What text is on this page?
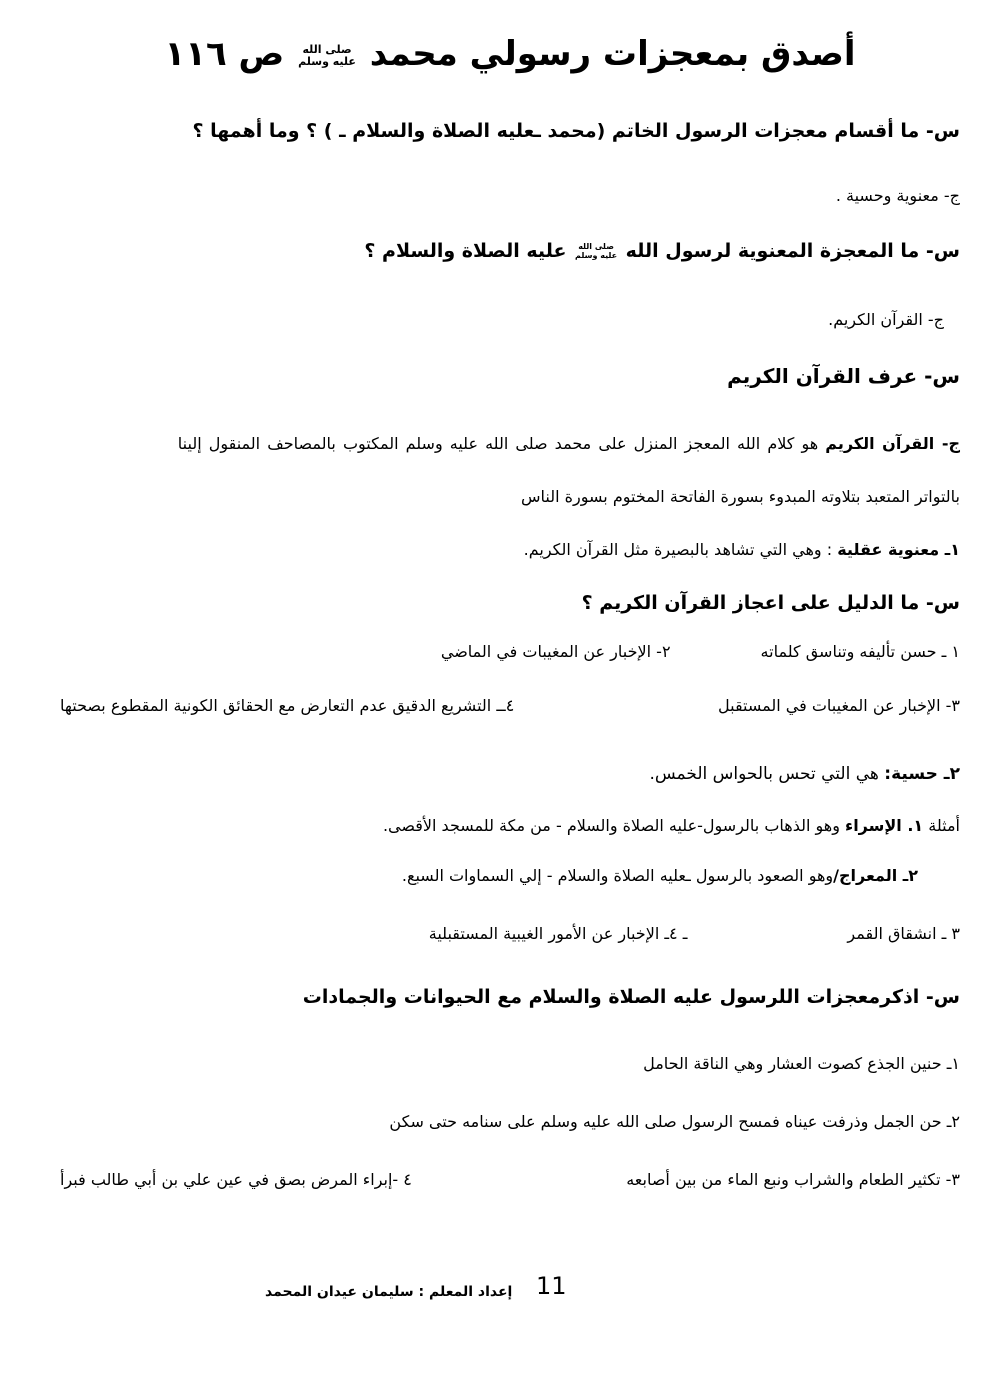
أصدق بمعجزات رسولي محمد
صلى الله
عليه وسلم
ص ١١٦
س- ما أقسام معجزات الرسول الخاتم (محمد ـعليه الصلاة والسلام ـ ) ؟ وما أهمها ؟
ج- معنوية وحسية .
س- ما المعجزة المعنوية لرسول الله
صلى الله
عليه وسلم
عليه الصلاة والسلام ؟
ج- القرآن الكريم.
س- عرف القرآن الكريم
ج- القرآن الكريم هو كلام الله المعجز المنزل على محمد صلى الله عليه وسلم المكتوب بالمصاحف المنقول إلينا
بالتواتر المتعبد بتلاوته المبدوء بسورة الفاتحة المختوم بسورة الناس
١ـ معنوية عقلية : وهي التي تشاهد بالبصيرة مثل القرآن الكريم.
س- ما الدليل على اعجاز القرآن الكريم ؟
١ ـ حسن تأليفه وتناسق كلماته
٢- الإخبار عن المغيبات في الماضي
٣- الإخبار عن المغيبات في المستقبل
٤ــ التشريع الدقيق عدم التعارض مع الحقائق الكونية المقطوع بصحتها
٢ـ حسية: هي التي تحس بالحواس الخمس.
أمثلة ١. الإسراء وهو الذهاب بالرسول-عليه الصلاة والسلام - من مكة للمسجد الأقصى.
٢ـ المعراج/وهو الصعود بالرسول ـعليه الصلاة والسلام - إلي السماوات السبع.
٣ ـ انشقاق القمر
ـ ٤ـ الإخبار عن الأمور الغيبية المستقبلية
س- اذكرمعجزات اللرسول عليه الصلاة والسلام مع الحيوانات والجمادات
١ـ حنين الجذع كصوت العشار وهي الناقة الحامل
٢ـ حن الجمل وذرفت عيناه فمسح الرسول صلى الله عليه وسلم على سنامه حتى سكن
٣- تكثير الطعام والشراب ونبع الماء من بين أصابعه
٤ -إبراء المرض بصق في عين علي بن أبي طالب فبرأ
11
إعداد المعلم : سليمان عيدان المحمد
